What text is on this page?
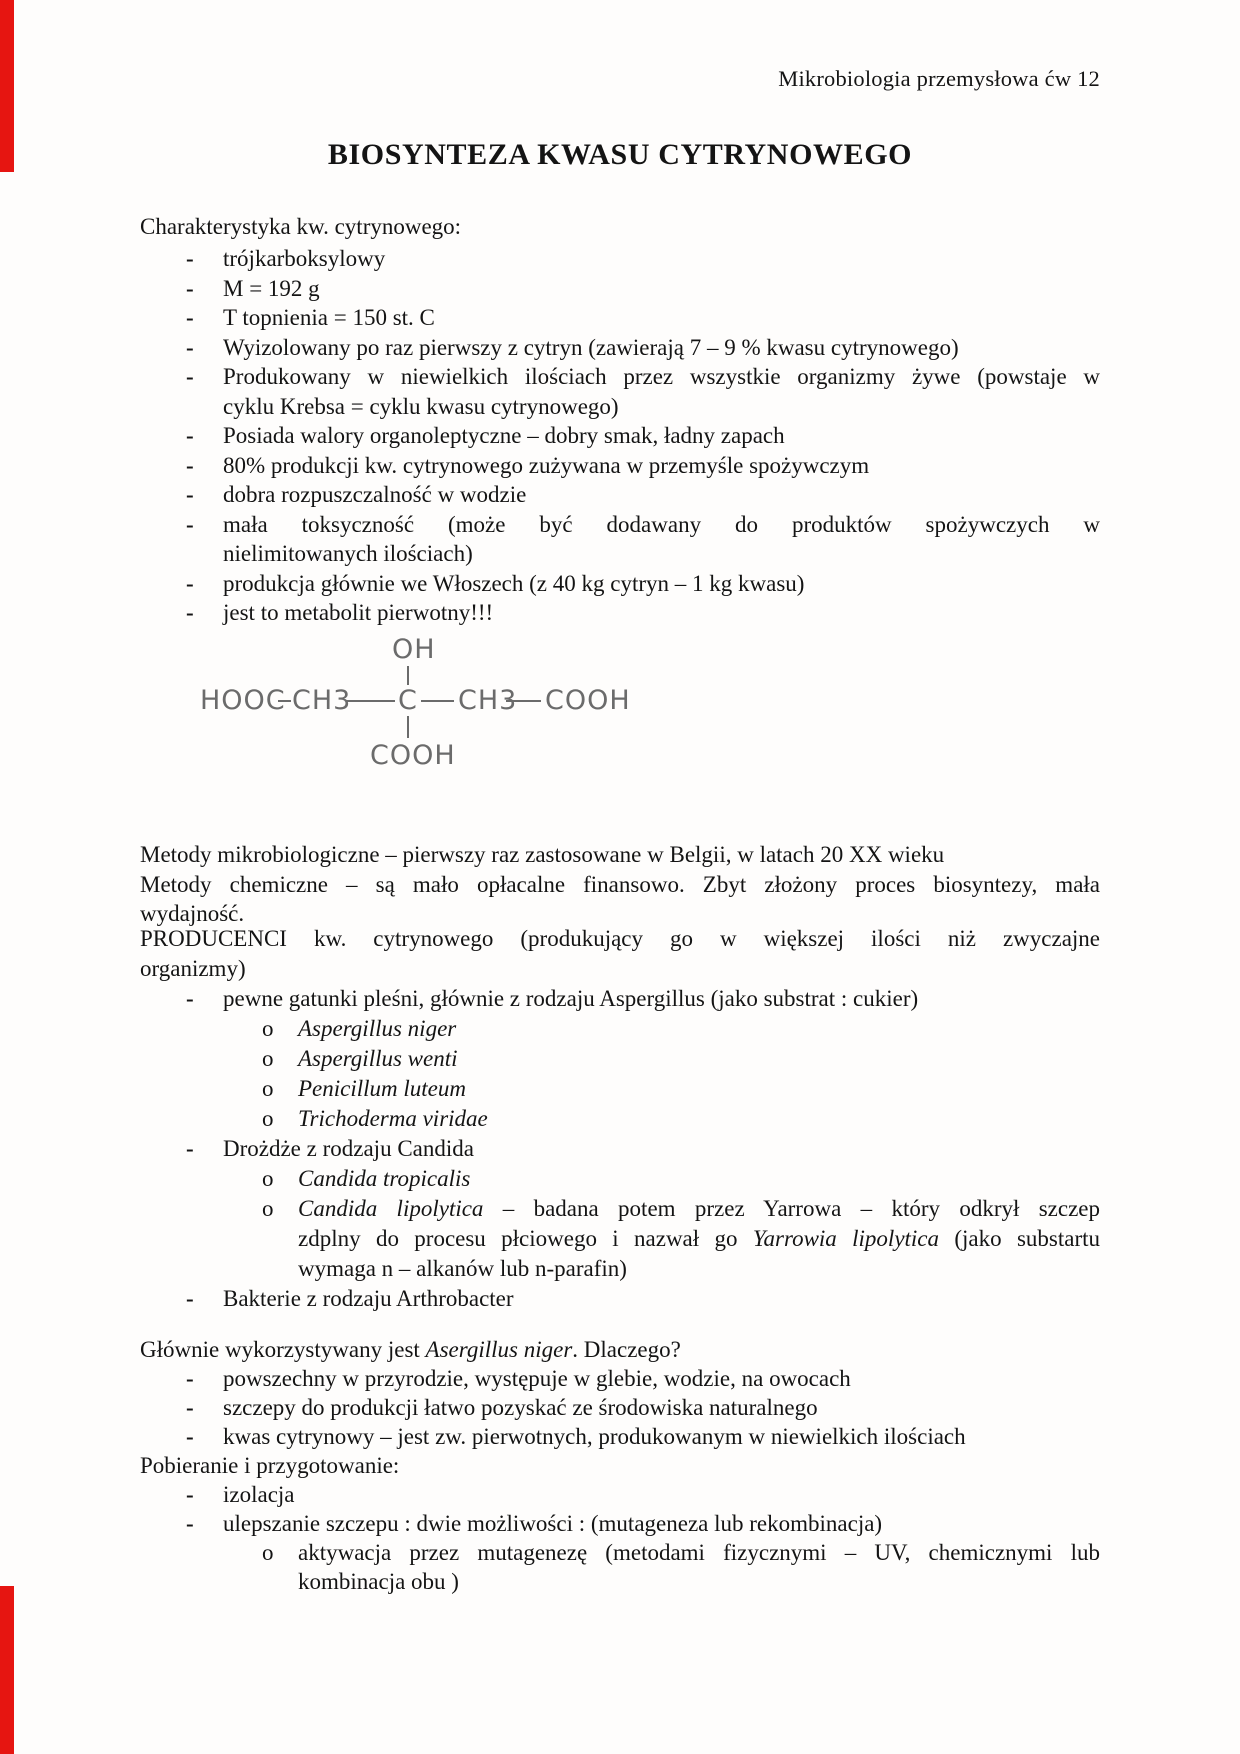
Mikrobiologia przemysłowa ćw 12
BIOSYNTEZA KWASU CYTRYNOWEGO
Charakterystyka kw. cytrynowego:
- trójkarboksylowy
- M = 192 g
- T topnienia = 150 st. C
- Wyizolowany po raz pierwszy z cytryn (zawierają 7 – 9 % kwasu cytrynowego)
- Produkowany w niewielkich ilościach przez wszystkie organizmy żywe (powstaje w
cyklu Krebsa = cyklu kwasu cytrynowego)
- Posiada walory organoleptyczne – dobry smak, ładny zapach
- 80% produkcji kw. cytrynowego zużywana w przemyśle spożywczym
- dobra rozpuszczalność w wodzie
- mała toksyczność (może być dodawany do produktów spożywczych w
nielimitowanych ilościach)
- produkcja głównie we Włoszech (z 40 kg cytryn – 1 kg kwasu)
- jest to metabolit pierwotny!!!
OH
HOOC CH3 C CH3 COOH
COOH
Metody mikrobiologiczne – pierwszy raz zastosowane w Belgii, w latach 20 XX wieku
Metody chemiczne – są mało opłacalne finansowo. Zbyt złożony proces biosyntezy, mała
wydajność.
PRODUCENCI kw. cytrynowego (produkujący go w większej ilości niż zwyczajne
organizmy)
- pewne gatunki pleśni, głównie z rodzaju Aspergillus (jako substrat : cukier)
o Aspergillus niger
o Aspergillus wenti
o Penicillum luteum
o Trichoderma viridae
- Drożdże z rodzaju Candida
o Candida tropicalis
o Candida lipolytica – badana potem przez Yarrowa – który odkrył szczep
zdplny do procesu płciowego i nazwał go Yarrowia lipolytica (jako substartu
wymaga n – alkanów lub n-parafin)
- Bakterie z rodzaju Arthrobacter
Głównie wykorzystywany jest Asergillus niger. Dlaczego?
- powszechny w przyrodzie, występuje w glebie, wodzie, na owocach
- szczepy do produkcji łatwo pozyskać ze środowiska naturalnego
- kwas cytrynowy – jest zw. pierwotnych, produkowanym w niewielkich ilościach
Pobieranie i przygotowanie:
- izolacja
- ulepszanie szczepu : dwie możliwości : (mutageneza lub rekombinacja)
o aktywacja przez mutagenezę (metodami fizycznymi – UV, chemicznymi lub
kombinacja obu )
